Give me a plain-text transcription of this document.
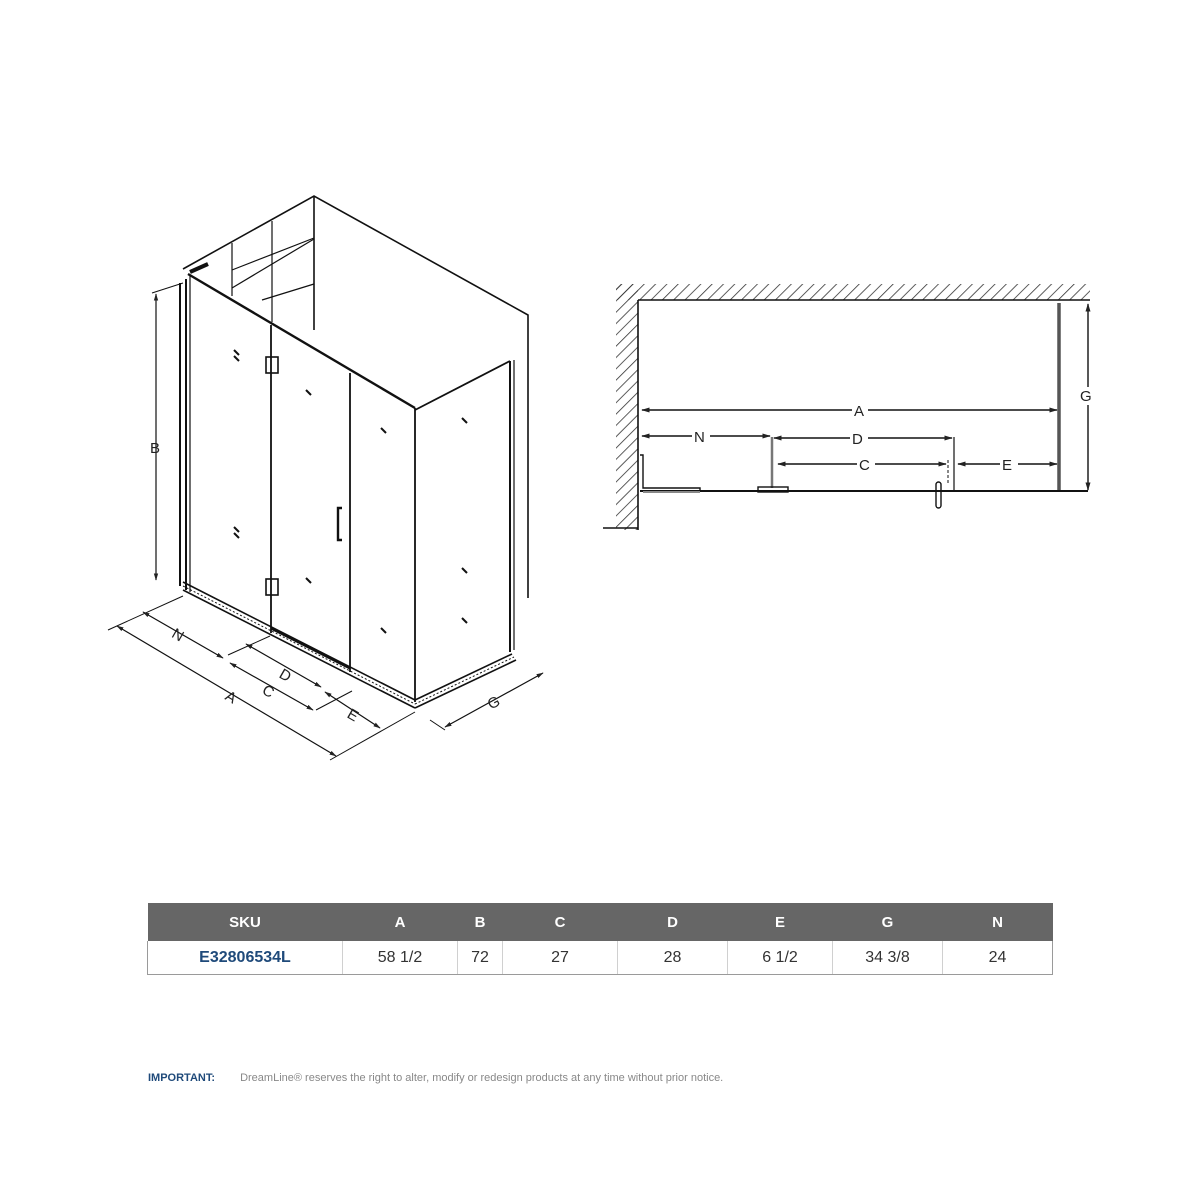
B
N
D
C
A
E
G
A
N	D
C	E
G
SKU	A	B	C	D	E	G	N
E32806534L	58 1/2	72	27	28	6 1/2	34 3/8	24
IMPORTANT: DreamLine® reserves the right to alter, modify or redesign products at any time without prior notice.
